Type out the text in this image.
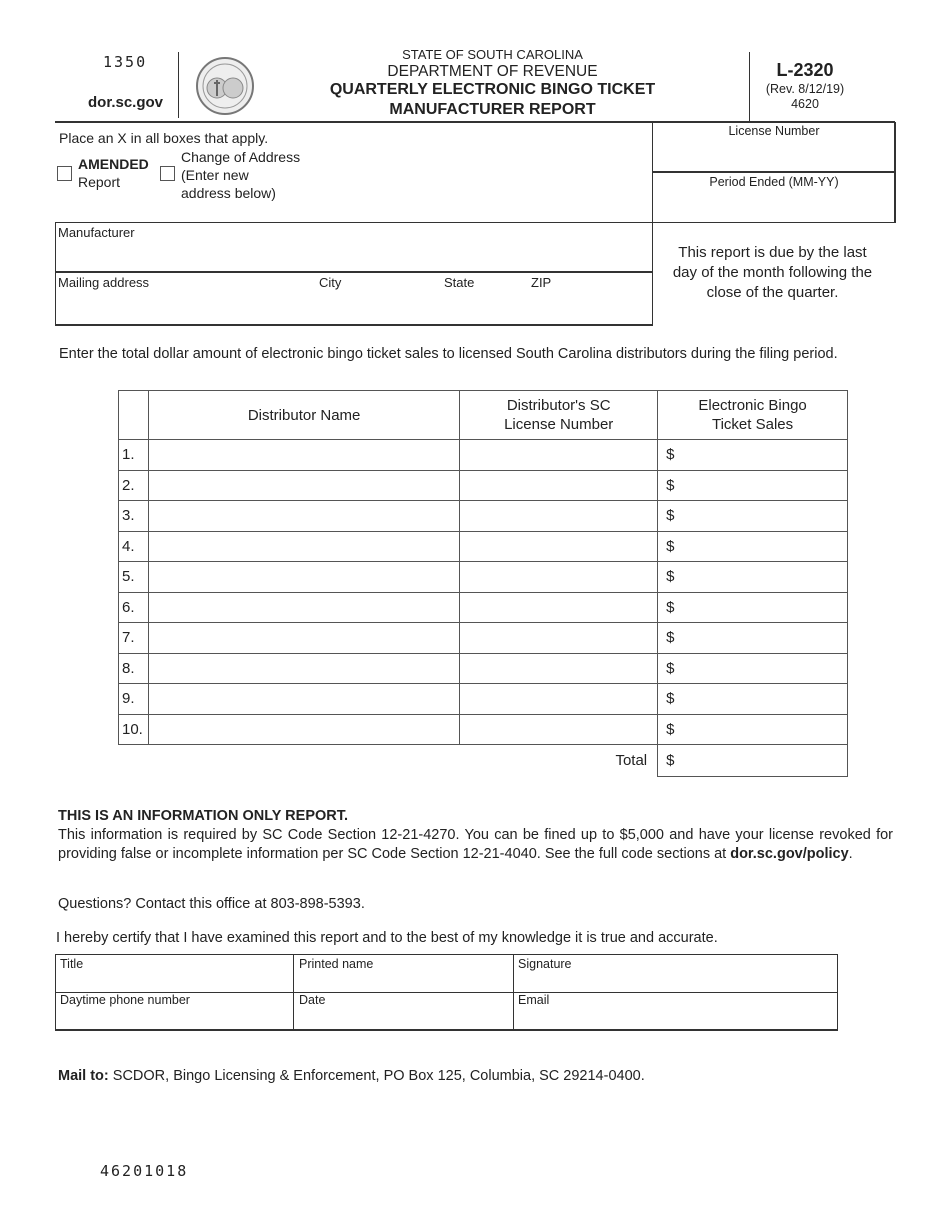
1350
dor.sc.gov
STATE OF SOUTH CAROLINA
DEPARTMENT OF REVENUE
QUARTERLY ELECTRONIC BINGO TICKET
MANUFACTURER REPORT
L-2320
(Rev. 8/12/19)
4620
Place an X in all boxes that apply.
AMENDED
Report
Change of Address
(Enter new
address below)
License Number
Period Ended (MM-YY)
This report is due by the last day of the month following the close of the quarter.
Manufacturer
Mailing address	City	State	ZIP
Enter the total dollar amount of electronic bingo ticket sales to licensed South Carolina distributors during the filing period.
	Distributor Name	Distributor's SC License Number	Electronic Bingo Ticket Sales
1.			$
2.			$
3.			$
4.			$
5.			$
6.			$
7.			$
8.			$
9.			$
10.			$
Total			$
THIS IS AN INFORMATION ONLY REPORT.
This information is required by SC Code Section 12-21-4270. You can be fined up to $5,000 and have your license revoked for providing false or incomplete information per SC Code Section 12-21-4040. See the full code sections at dor.sc.gov/policy.
Questions? Contact this office at 803-898-5393.
I hereby certify that I have examined this report and to the best of my knowledge it is true and accurate.
Title	Printed name	Signature
Daytime phone number	Date	Email
Mail to: SCDOR, Bingo Licensing & Enforcement, PO Box 125, Columbia, SC 29214-0400.
46201018
